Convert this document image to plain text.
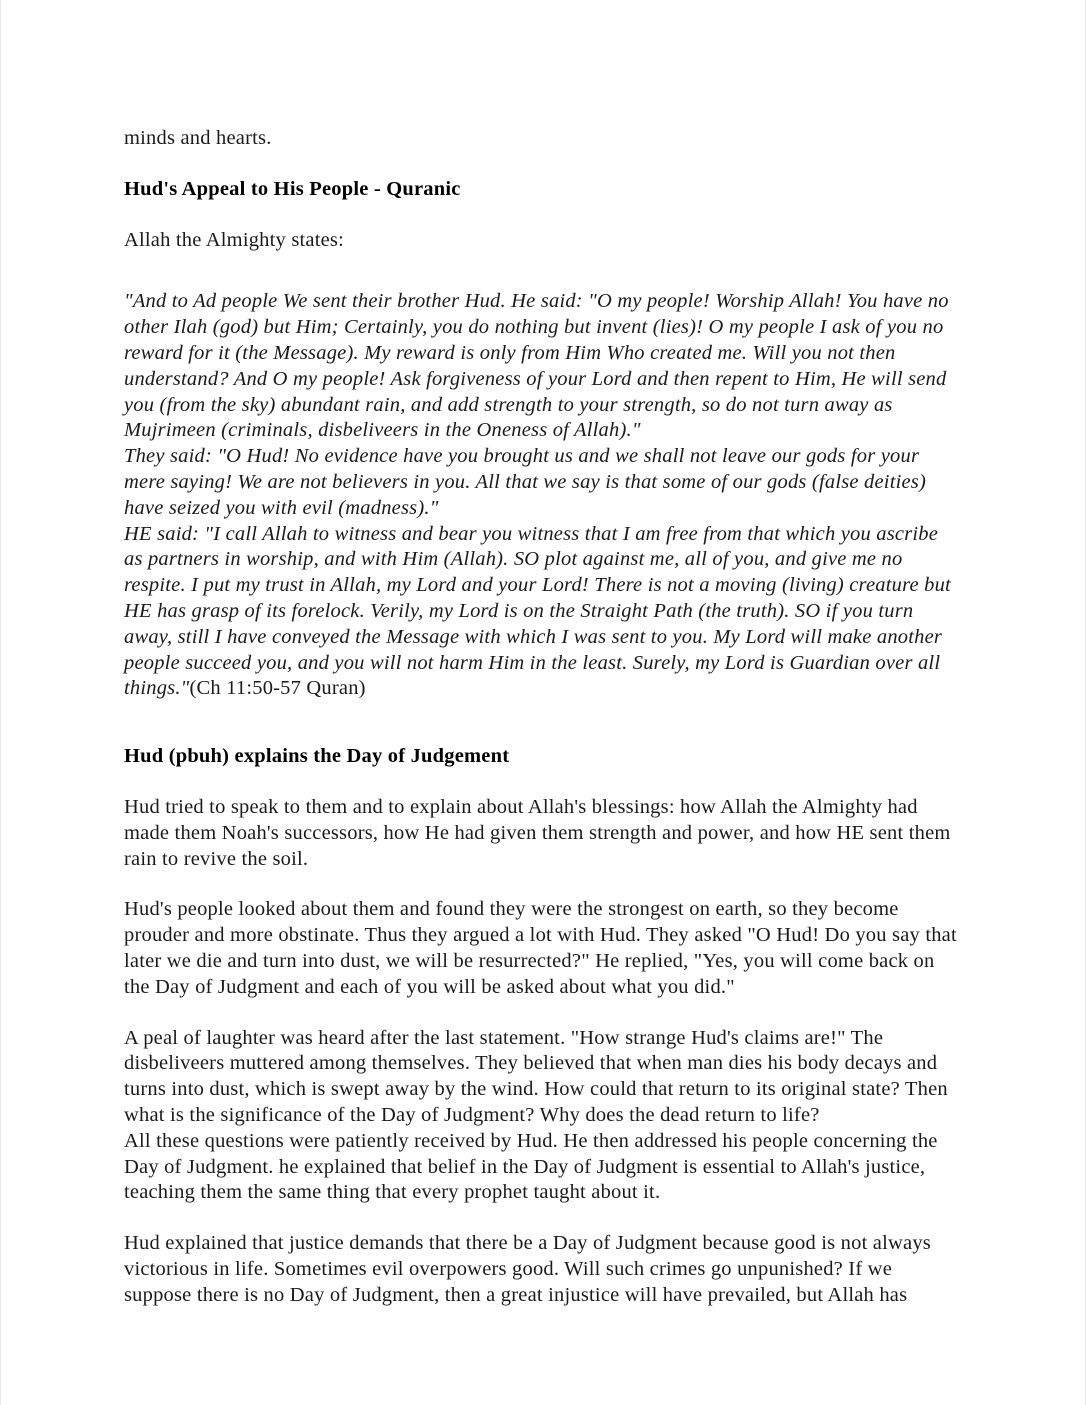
minds and hearts.

Hud's Appeal to His People - Quranic

Allah the Almighty states:

"And to Ad people We sent their brother Hud. He said: "O my people! Worship Allah! You have no other Ilah (god) but Him; Certainly, you do nothing but invent (lies)! O my people I ask of you no reward for it (the Message). My reward is only from Him Who created me. Will you not then understand? And O my people! Ask forgiveness of your Lord and then repent to Him, He will send you (from the sky) abundant rain, and add strength to your strength, so do not turn away as Mujrimeen (criminals, disbeliveers in the Oneness of Allah)."

They said: "O Hud! No evidence have you brought us and we shall not leave our gods for your mere saying! We are not believers in you. All that we say is that some of our gods (false deities) have seized you with evil (madness)."

HE said: "I call Allah to witness and bear you witness that I am free from that which you ascribe as partners in worship, and with Him (Allah). SO plot against me, all of you, and give me no respite. I put my trust in Allah, my Lord and your Lord! There is not a moving (living) creature but HE has grasp of its forelock. Verily, my Lord is on the Straight Path (the truth). SO if you turn away, still I have conveyed the Message with which I was sent to you. My Lord will make another people succeed you, and you will not harm Him in the least. Surely, my Lord is Guardian over all things."(Ch 11:50-57 Quran)

Hud (pbuh) explains the Day of Judgement

Hud tried to speak to them and to explain about Allah's blessings: how Allah the Almighty had made them Noah's successors, how He had given them strength and power, and how HE sent them rain to revive the soil.

Hud's people looked about them and found they were the strongest on earth, so they become prouder and more obstinate. Thus they argued a lot with Hud. They asked "O Hud! Do you say that later we die and turn into dust, we will be resurrected?" He replied, "Yes, you will come back on the Day of Judgment and each of you will be asked about what you did."

A peal of laughter was heard after the last statement. "How strange Hud's claims are!" The disbeliveers muttered among themselves. They believed that when man dies his body decays and turns into dust, which is swept away by the wind. How could that return to its original state? Then what is the significance of the Day of Judgment? Why does the dead return to life?

All these questions were patiently received by Hud. He then addressed his people concerning the Day of Judgment. he explained that belief in the Day of Judgment is essential to Allah's justice, teaching them the same thing that every prophet taught about it.

Hud explained that justice demands that there be a Day of Judgment because good is not always victorious in life. Sometimes evil overpowers good. Will such crimes go unpunished? If we suppose there is no Day of Judgment, then a great injustice will have prevailed, but Allah has
